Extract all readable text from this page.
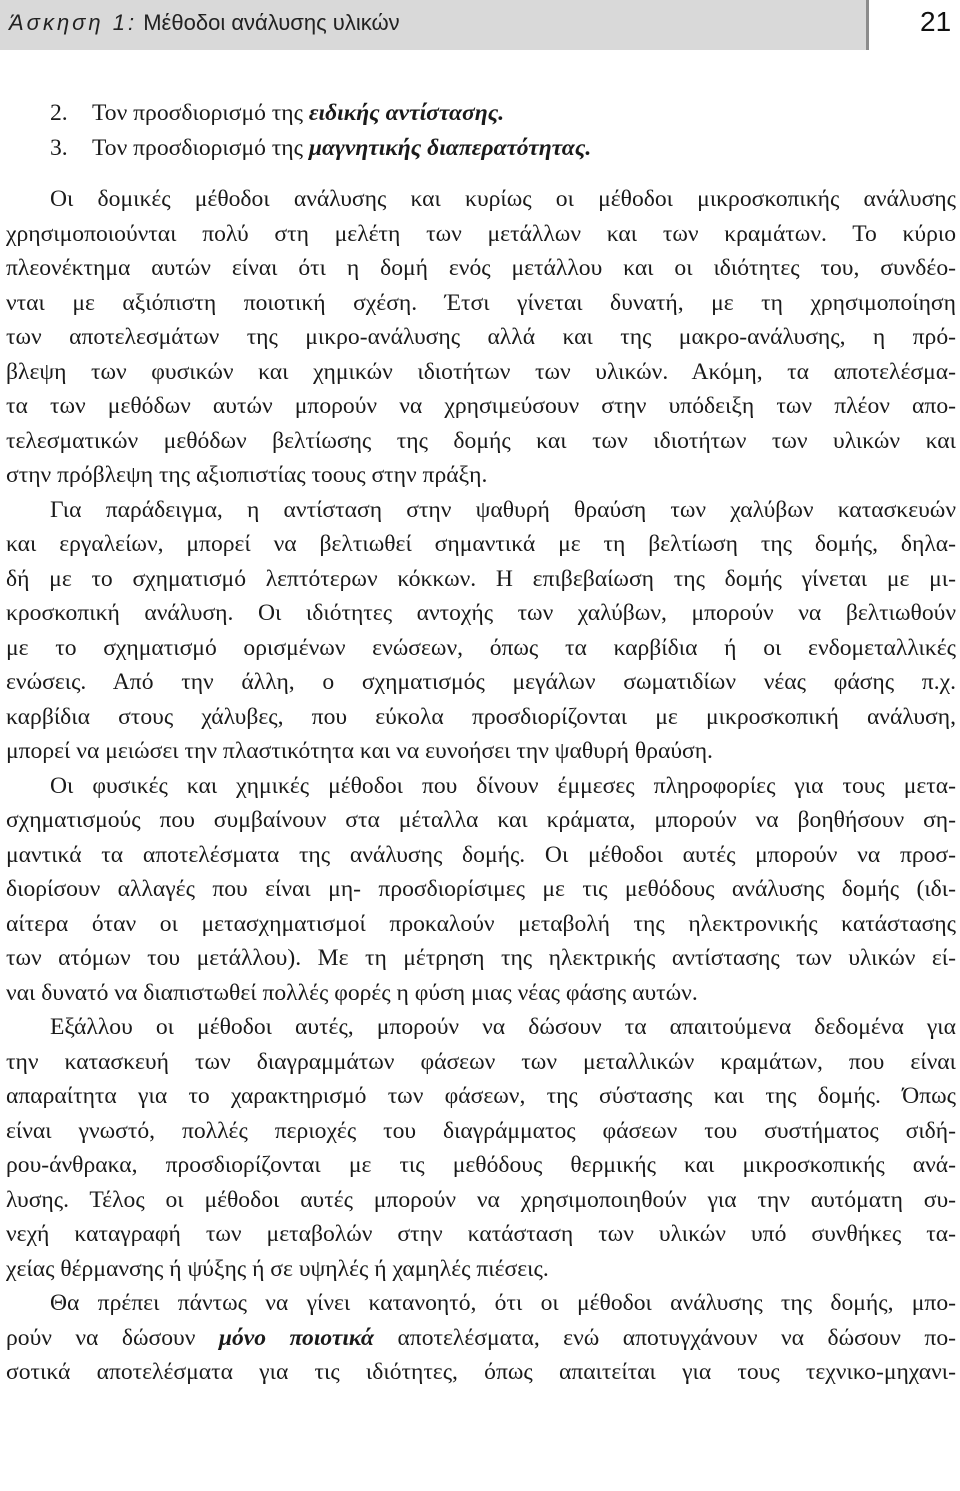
Άσκηση 1: Μέθοδοι ανάλυσης υλικών	21
2. Τον προσδιορισμό της ειδικής αντίστασης.
3. Τον προσδιορισμό της μαγνητικής διαπερατότητας.
Οι δομικές μέθοδοι ανάλυσης και κυρίως οι μέθοδοι μικροσκοπικής ανάλυσης
χρησιμοποιούνται πολύ στη μελέτη των μετάλλων και των κραμάτων. Το κύριο
πλεονέκτημα αυτών είναι ότι η δομή ενός μετάλλου και οι ιδιότητες του, συνδέο-
νται με αξιόπιστη ποιοτική σχέση. Έτσι γίνεται δυνατή, με τη χρησιμοποίηση
των αποτελεσμάτων της μικρο-ανάλυσης αλλά και της μακρο-ανάλυσης, η πρό-
βλεψη των φυσικών και χημικών ιδιοτήτων των υλικών. Ακόμη, τα αποτελέσμα-
τα των μεθόδων αυτών μπορούν να χρησιμεύσουν στην υπόδειξη των πλέον απο-
τελεσματικών μεθόδων βελτίωσης της δομής και των ιδιοτήτων των υλικών και
στην πρόβλεψη της αξιοπιστίας τοους στην πράξη.
Για παράδειγμα, η αντίσταση στην ψαθυρή θραύση των χαλύβων κατασκευών
και εργαλείων, μπορεί να βελτιωθεί σημαντικά με τη βελτίωση της δομής, δηλα-
δή με το σχηματισμό λεπτότερων κόκκων. Η επιβεβαίωση της δομής γίνεται με μι-
κροσκοπική ανάλυση. Οι ιδιότητες αντοχής των χαλύβων, μπορούν να βελτιωθούν
με το σχηματισμό ορισμένων ενώσεων, όπως τα καρβίδια ή οι ενδομεταλλικές
ενώσεις. Από την άλλη, ο σχηματισμός μεγάλων σωματιδίων νέας φάσης π.χ.
καρβίδια στους χάλυβες, που εύκολα προσδιορίζονται με μικροσκοπική ανάλυση,
μπορεί να μειώσει την πλαστικότητα και να ευνοήσει την ψαθυρή θραύση.
Οι φυσικές και χημικές μέθοδοι που δίνουν έμμεσες πληροφορίες για τους μετα-
σχηματισμούς που συμβαίνουν στα μέταλλα και κράματα, μπορούν να βοηθήσουν ση-
μαντικά τα αποτελέσματα της ανάλυσης δομής. Οι μέθοδοι αυτές μπορούν να προσ-
διορίσουν αλλαγές που είναι μη- προσδιορίσιμες με τις μεθόδους ανάλυσης δομής (ιδι-
αίτερα όταν οι μετασχηματισμοί προκαλούν μεταβολή της ηλεκτρονικής κατάστασης
των ατόμων του μετάλλου). Με τη μέτρηση της ηλεκτρικής αντίστασης των υλικών εί-
ναι δυνατό να διαπιστωθεί πολλές φορές η φύση μιας νέας φάσης αυτών.
Εξάλλου οι μέθοδοι αυτές, μπορούν να δώσουν τα απαιτούμενα δεδομένα για
την κατασκευή των διαγραμμάτων φάσεων των μεταλλικών κραμάτων, που είναι
απαραίτητα για το χαρακτηρισμό των φάσεων, της σύστασης και της δομής. Όπως
είναι γνωστό, πολλές περιοχές του διαγράμματος φάσεων του συστήματος σιδή-
ρου-άνθρακα, προσδιορίζονται με τις μεθόδους θερμικής και μικροσκοπικής ανά-
λυσης. Τέλος οι μέθοδοι αυτές μπορούν να χρησιμοποιηθούν για την αυτόματη συ-
νεχή καταγραφή των μεταβολών στην κατάσταση των υλικών υπό συνθήκες τα-
χείας θέρμανσης ή ψύξης ή σε υψηλές ή χαμηλές πιέσεις.
Θα πρέπει πάντως να γίνει κατανοητό, ότι οι μέθοδοι ανάλυσης της δομής, μπο-
ρούν να δώσουν μόνο ποιοτικά αποτελέσματα, ενώ αποτυγχάνουν να δώσουν πο-
σοτικά αποτελέσματα για τις ιδιότητες, όπως απαιτείται για τους τεχνικο-μηχανι-
